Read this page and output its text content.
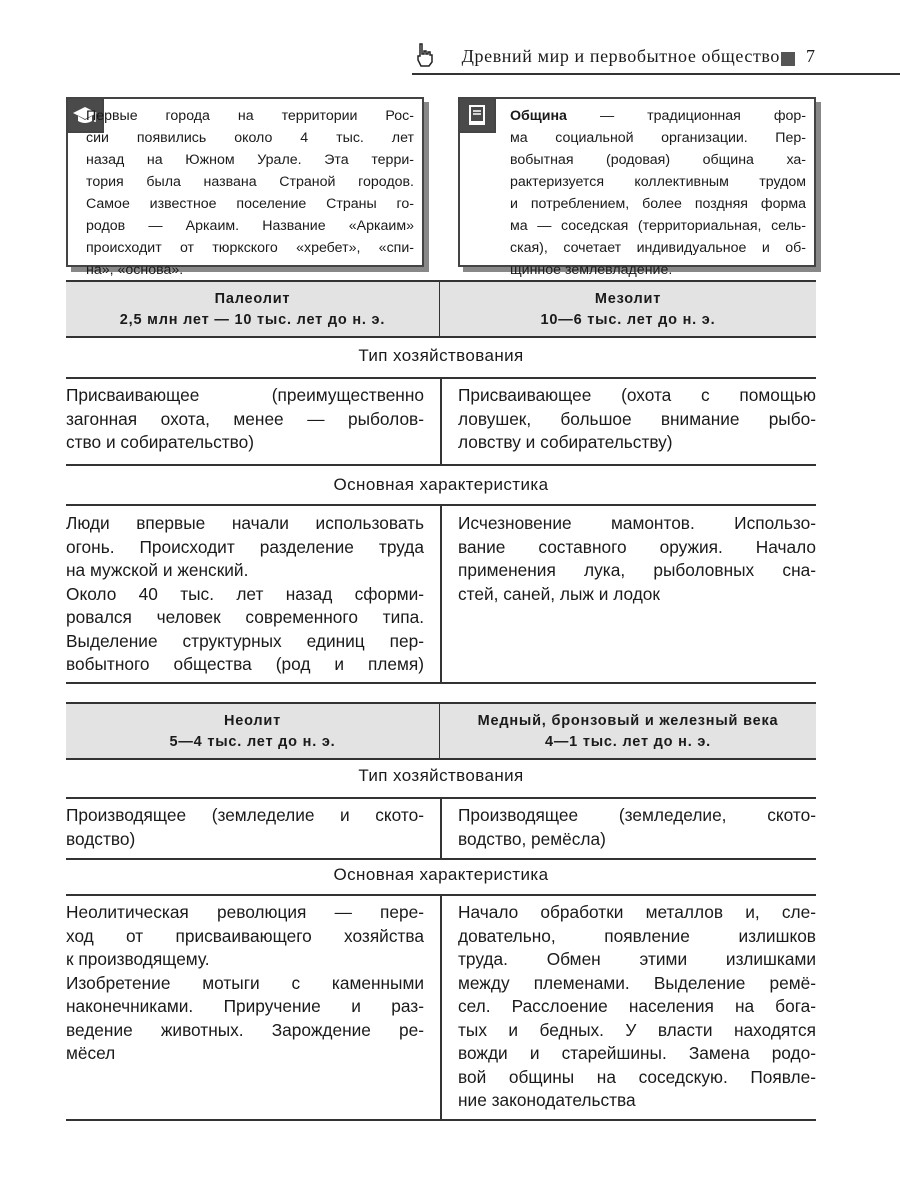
Древний мир и первобытное общество 7
Первые города на территории Рос-
сии появились около 4 тыс. лет
назад на Южном Урале. Эта терри-
тория была названа Страной городов.
Самое известное поселение Страны го-
родов — Аркаим. Название «Аркаим»
происходит от тюркского «хребет», «спи-
на», «основа».
Община — традиционная фор-
ма социальной организации. Пер-
вобытная (родовая) община ха-
рактеризуется коллективным трудом
и потреблением, более поздняя форма
ма — соседская (территориальная, сель-
ская), сочетает индивидуальное и об-
щинное землевладение.
Палеолит
2,5 млн лет — 10 тыс. лет до н. э.
Мезолит
10—6 тыс. лет до н. э.
Тип хозяйствования
Присваивающее (преимущественно
загонная охота, менее — рыболов-
ство и собирательство)
Присваивающее (охота с помощью
ловушек, большое внимание рыбо-
ловству и собирательству)
Основная характеристика
Люди впервые начали использовать
огонь. Происходит разделение труда
на мужской и женский.
Около 40 тыс. лет назад сформи-
ровался человек современного типа.
Выделение структурных единиц пер-
вобытного общества (род и племя)
Исчезновение мамонтов. Использо-
вание составного оружия. Начало
применения лука, рыболовных сна-
стей, саней, лыж и лодок
Неолит
5—4 тыс. лет до н. э.
Медный, бронзовый и железный века
4—1 тыс. лет до н. э.
Тип хозяйствования
Производящее (земледелие и ското-
водство)
Производящее (земледелие, ското-
водство, ремёсла)
Основная характеристика
Неолитическая революция — пере-
ход от присваивающего хозяйства
к производящему.
Изобретение мотыги с каменными
наконечниками. Приручение и раз-
ведение животных. Зарождение ре-
мёсел
Начало обработки металлов и, сле-
довательно, появление излишков
труда. Обмен этими излишками
между племенами. Выделение ремё-
сел. Расслоение населения на бога-
тых и бедных. У власти находятся
вожди и старейшины. Замена родо-
вой общины на соседскую. Появле-
ние законодательства
